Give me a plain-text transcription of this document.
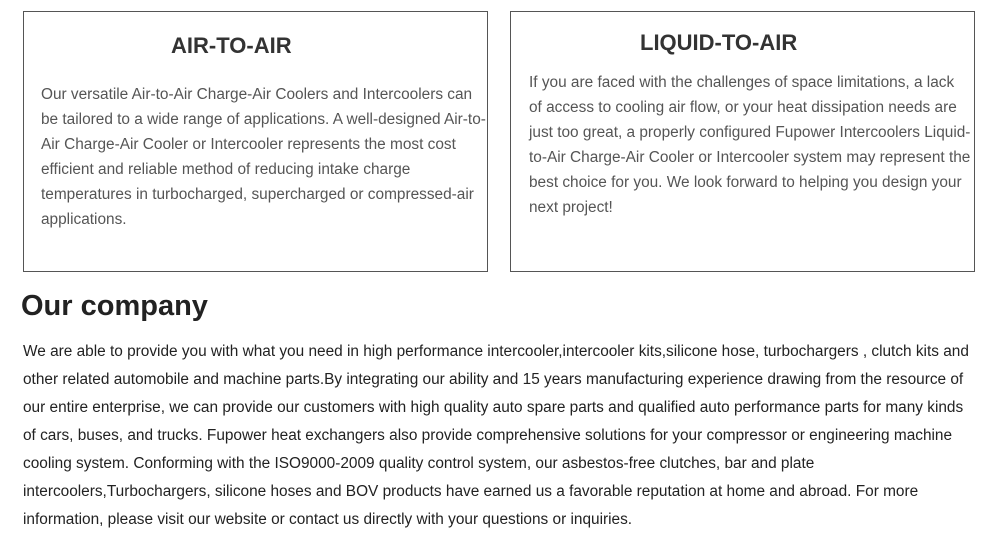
AIR-TO-AIR

Our versatile Air-to-Air Charge-Air Coolers and Intercoolers can be tailored to a wide range of applications. A well-designed Air-to-Air Charge-Air Cooler or Intercooler represents the most cost efficient and reliable method of reducing intake charge temperatures in turbocharged, supercharged or compressed-air applications.

LIQUID-TO-AIR

If you are faced with the challenges of space limitations, a lack of access to cooling air flow, or your heat dissipation needs are just too great, a properly configured Fupower Intercoolers Liquid-to-Air Charge-Air Cooler or Intercooler system may represent the best choice for you. We look forward to helping you design your next project!

Our company

We are able to provide you with what you need in high performance intercooler,intercooler kits,silicone hose, turbochargers , clutch kits and other related automobile and machine parts.By integrating our ability and 15 years manufacturing experience drawing from the resource of our entire enterprise, we can provide our customers with high quality auto spare parts and qualified auto performance parts for many kinds of cars, buses, and trucks. Fupower heat exchangers also provide comprehensive solutions for your compressor or engineering machine cooling system. Conforming with the ISO9000-2009 quality control system, our asbestos-free clutches, bar and plate intercoolers,Turbochargers, silicone hoses and BOV products have earned us a favorable reputation at home and abroad. For more information, please visit our website or contact us directly with your questions or inquiries.
